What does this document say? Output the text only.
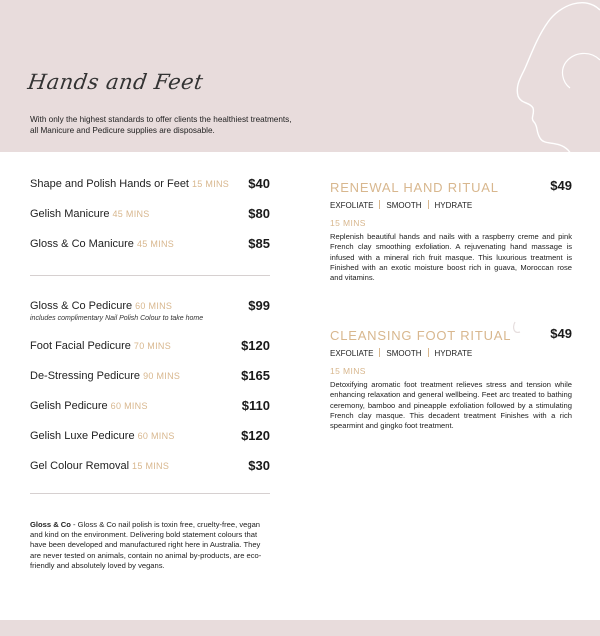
Hands and Feet
With only the highest standards to offer clients the healthiest treatments, all Manicure and Pedicure supplies are disposable.
Shape and Polish Hands or Feet 15 MINS $40
Gelish Manicure 45 MINS	$80
Gloss & Co Manicure 45 MINS	$85
Gloss & Co Pedicure 60 MINS	$99
includes complimentary Nail Polish Colour to take home
Foot Facial Pedicure 70 MINS	$120
De-Stressing Pedicure 90 MINS	$165
Gelish Pedicure 60 MINS	$110
Gelish Luxe Pedicure 60 MINS	$120
Gel Colour Removal 15 MINS	$30
Gloss & Co - Gloss & Co nail polish is toxin free, cruelty-free, vegan and kind on the environment. Delivering bold statement colours that have been developed and manufactured right here in Australia. They are never tested on animals, contain no animal by-products, are eco-friendly and absolutely loved by vegans.
RENEWAL HAND RITUAL	$49
EXFOLIATE SMOOTH HYDRATE
15 MINS
Replenish beautiful hands and nails with a raspberry creme and pink French clay smoothing exfoliation. A rejuvenating hand massage is infused with a mineral rich fruit masque. This luxurious treatment is Finished with an exotic moisture boost rich in guava, Moroccan rose and vitamins.
CLEANSING FOOT RITUAL	$49
EXFOLIATE SMOOTH HYDRATE
15 MINS
Detoxifying aromatic foot treatment relieves stress and tension while enhancing relaxation and general wellbeing. Feet arc treated to bathing ceremony, bamboo and pineapple exfoliation followed by a stimulating French clay masque. This decadent treatment Finishes with a rich spearmint and gingko foot treatment.
